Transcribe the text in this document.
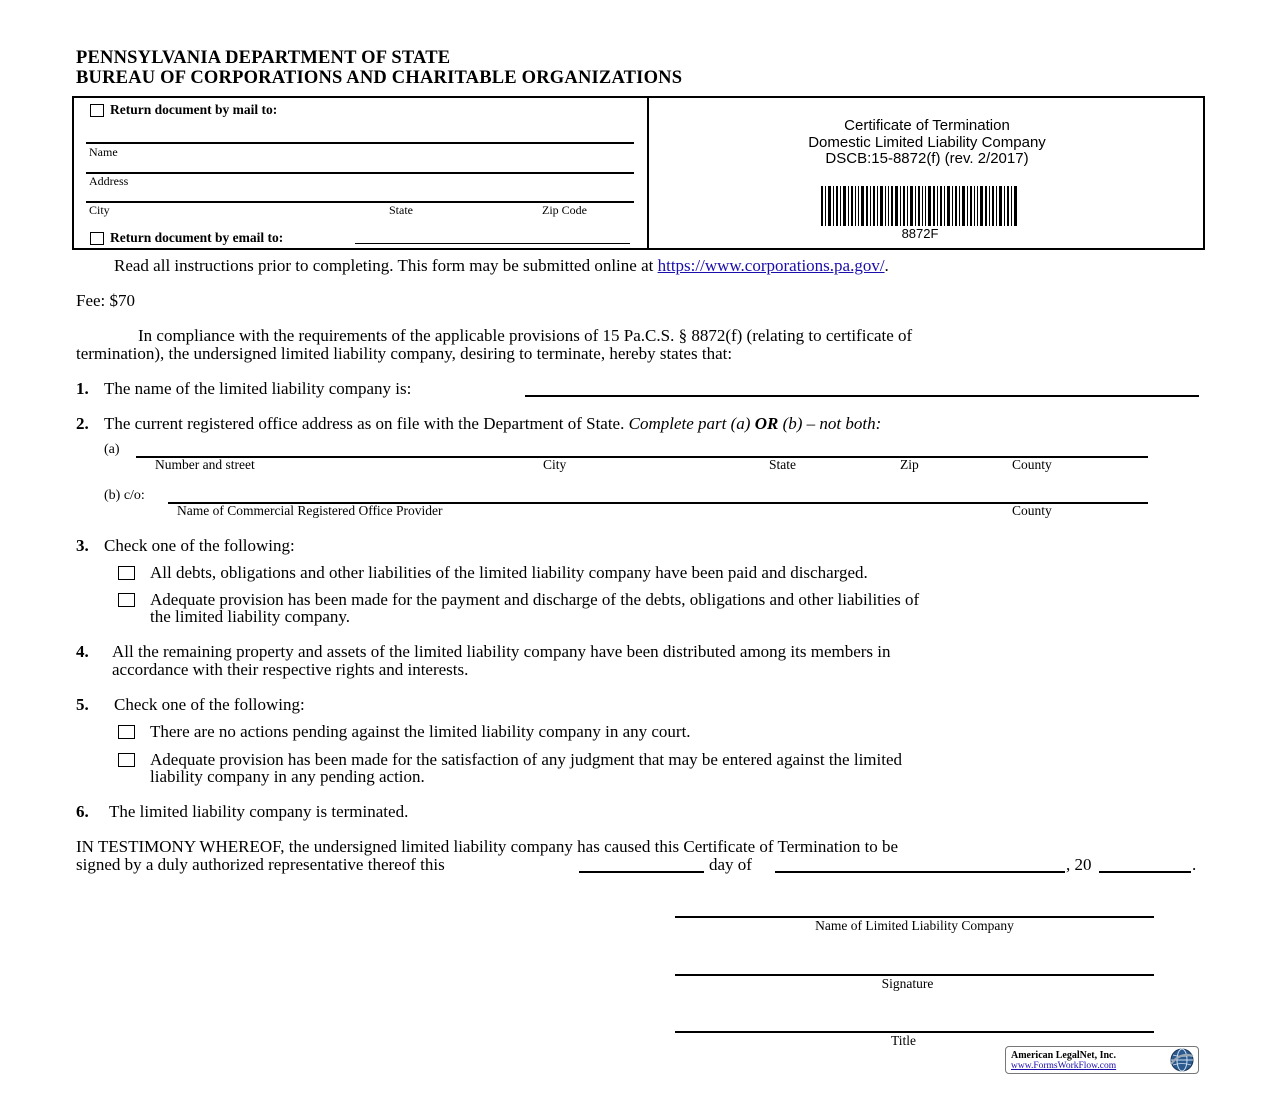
PENNSYLVANIA DEPARTMENT OF STATE
BUREAU OF CORPORATIONS AND CHARITABLE ORGANIZATIONS
Return document by mail to:
Name
Address
City	State	Zip Code
Return document by email to:
Certificate of Termination
Domestic Limited Liability Company
DSCB:15-8872(f) (rev. 2/2017)
8872F
Read all instructions prior to completing. This form may be submitted online at https://www.corporations.pa.gov/.
Fee: $70
In compliance with the requirements of the applicable provisions of 15 Pa.C.S. § 8872(f) (relating to certificate of
termination), the undersigned limited liability company, desiring to terminate, hereby states that:
1. The name of the limited liability company is:
2. The current registered office address as on file with the Department of State. Complete part (a) OR (b) – not both:
(a)
Number and street	City	State	Zip	County
(b) c/o:
Name of Commercial Registered Office Provider	County
3. Check one of the following:
All debts, obligations and other liabilities of the limited liability company have been paid and discharged.
Adequate provision has been made for the payment and discharge of the debts, obligations and other liabilities of
the limited liability company.
4. All the remaining property and assets of the limited liability company have been distributed among its members in
accordance with their respective rights and interests.
5. Check one of the following:
There are no actions pending against the limited liability company in any court.
Adequate provision has been made for the satisfaction of any judgment that may be entered against the limited
liability company in any pending action.
6. The limited liability company is terminated.
IN TESTIMONY WHEREOF, the undersigned limited liability company has caused this Certificate of Termination to be
signed by a duly authorized representative thereof this	day of	, 20	.
Name of Limited Liability Company
Signature
Title
American LegalNet, Inc.
www.FormsWorkFlow.com
